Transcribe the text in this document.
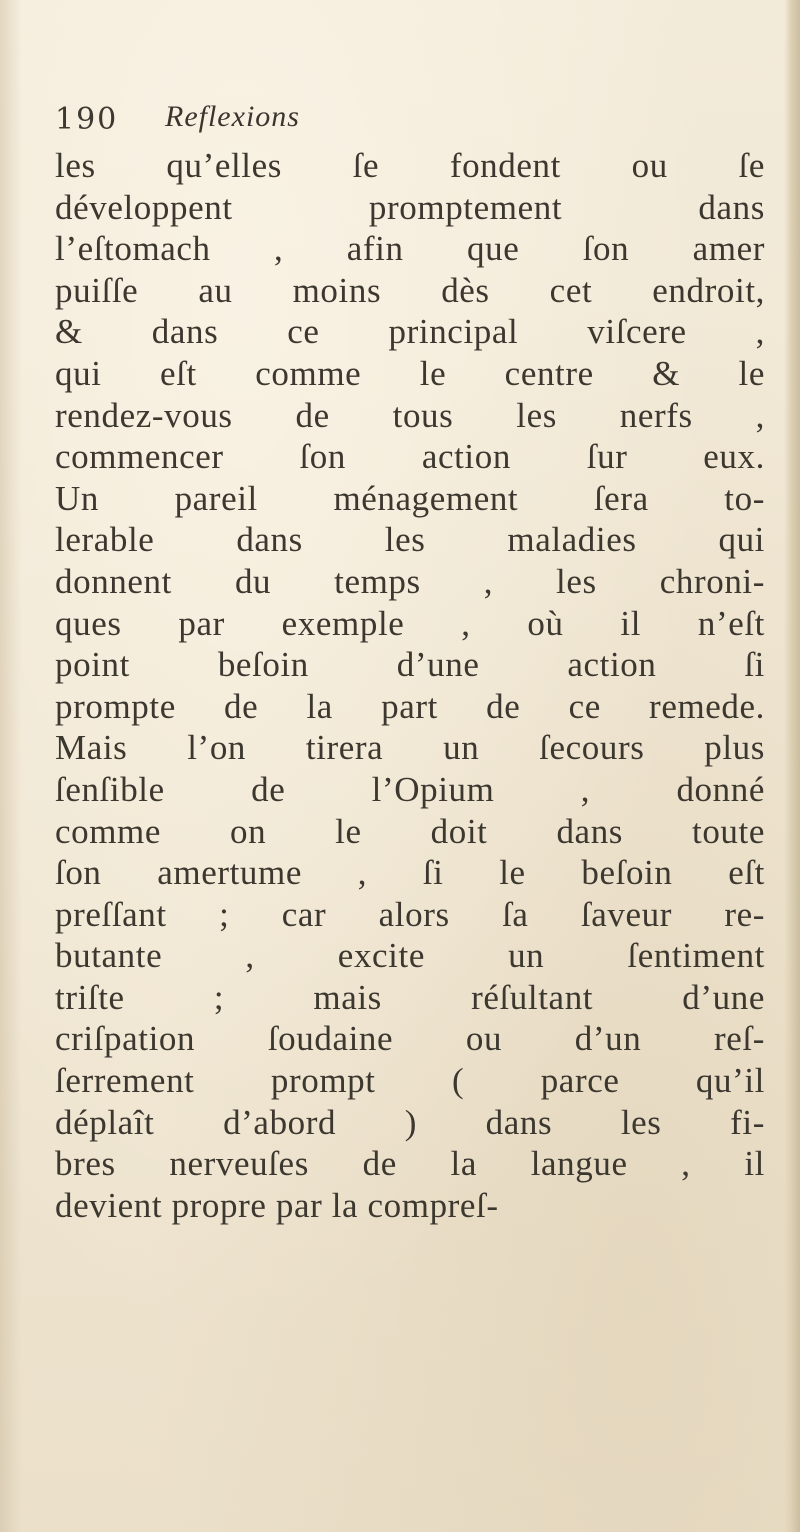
190 Reflexions
les qu’elles ſe fondent ou ſe
développent promptement dans
l’eſtomach , afin que ſon amer
puiſſe au moins dès cet endroit,
& dans ce principal viſcere ,
qui eſt comme le centre & le
rendez-vous de tous les nerfs ,
commencer ſon action ſur eux.
Un pareil ménagement ſera to-
lerable dans les maladies qui
donnent du temps , les chroni-
ques par exemple , où il n’eſt
point beſoin d’une action ſi
prompte de la part de ce remede.
Mais l’on tirera un ſecours plus
ſenſible de l’Opium , donné
comme on le doit dans toute
ſon amertume , ſi le beſoin eſt
preſſant ; car alors ſa ſaveur re-
butante , excite un ſentiment
triſte ; mais réſultant d’une
criſpation ſoudaine ou d’un reſ-
ſerrement prompt ( parce qu’il
déplaît d’abord ) dans les fi-
bres nerveuſes de la langue , il
devient propre par la compreſ-
